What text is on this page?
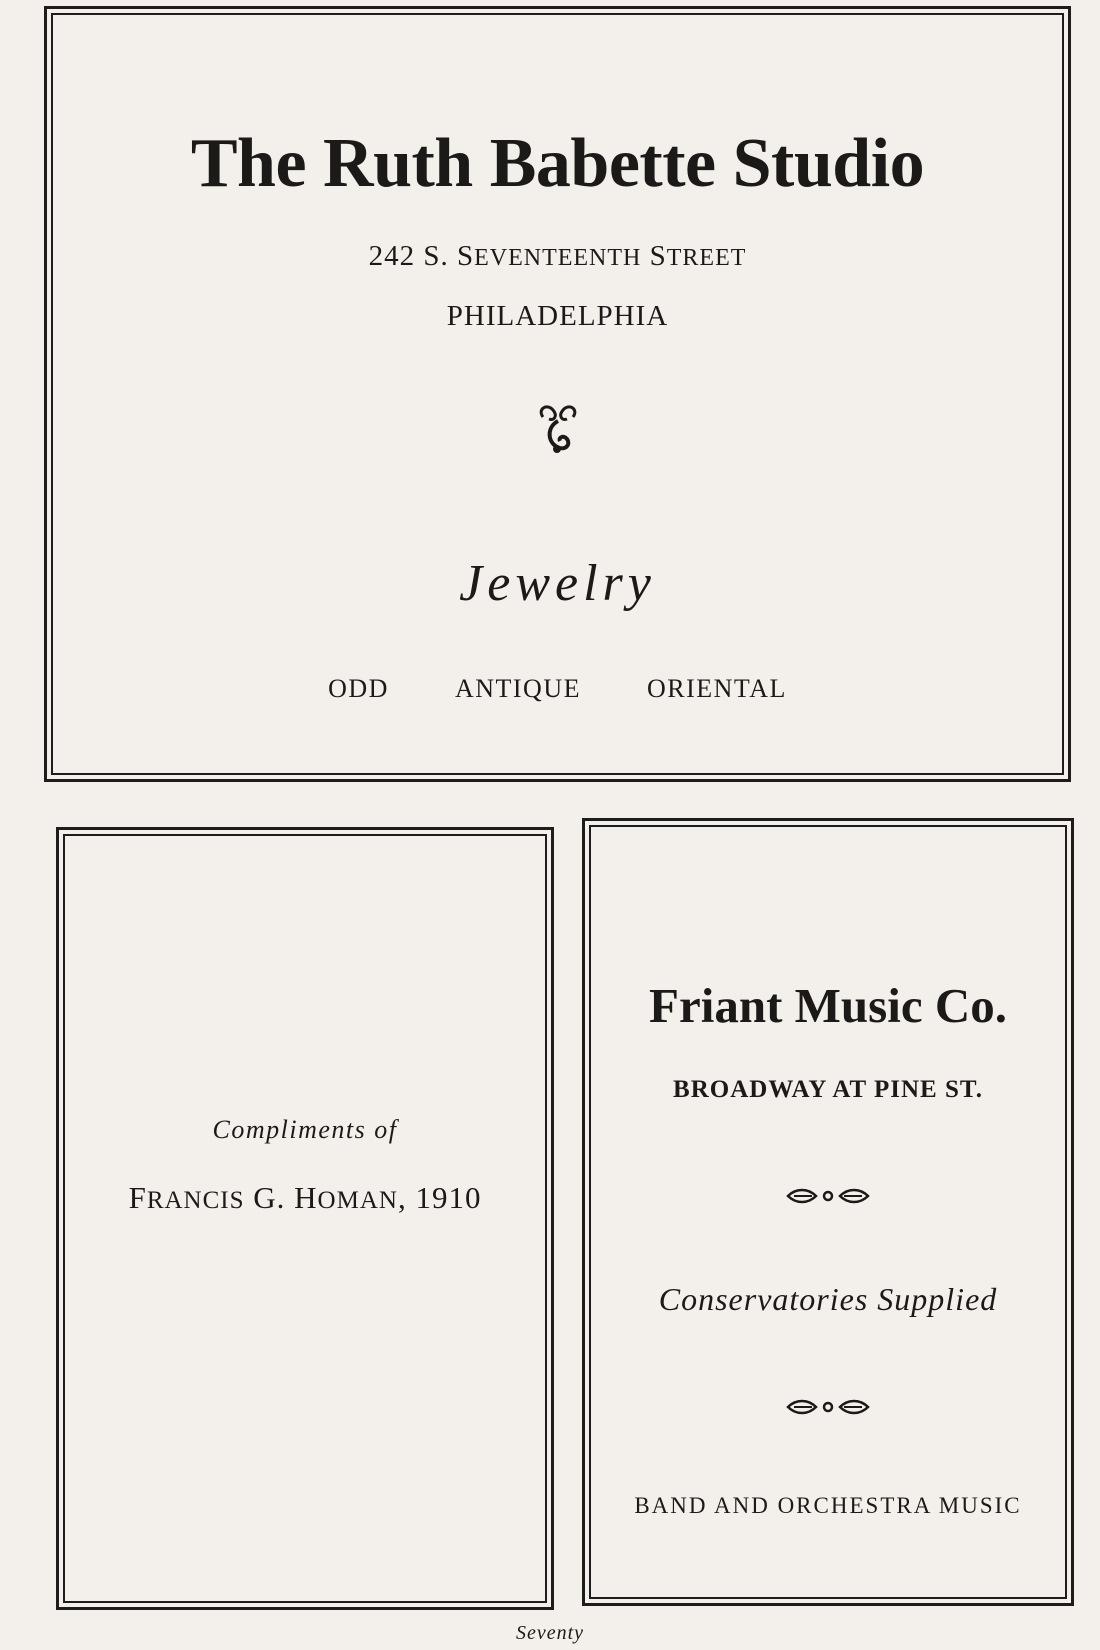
The Ruth Babette Studio
242 S. SEVENTEENTH STREET
PHILADELPHIA
Jewelry
ODD	ANTIQUE	ORIENTAL
Compliments of
FRANCIS G. HOMAN, 1910
Friant Music Co.
BROADWAY AT PINE ST.
Conservatories Supplied
BAND AND ORCHESTRA MUSIC
Seventy
